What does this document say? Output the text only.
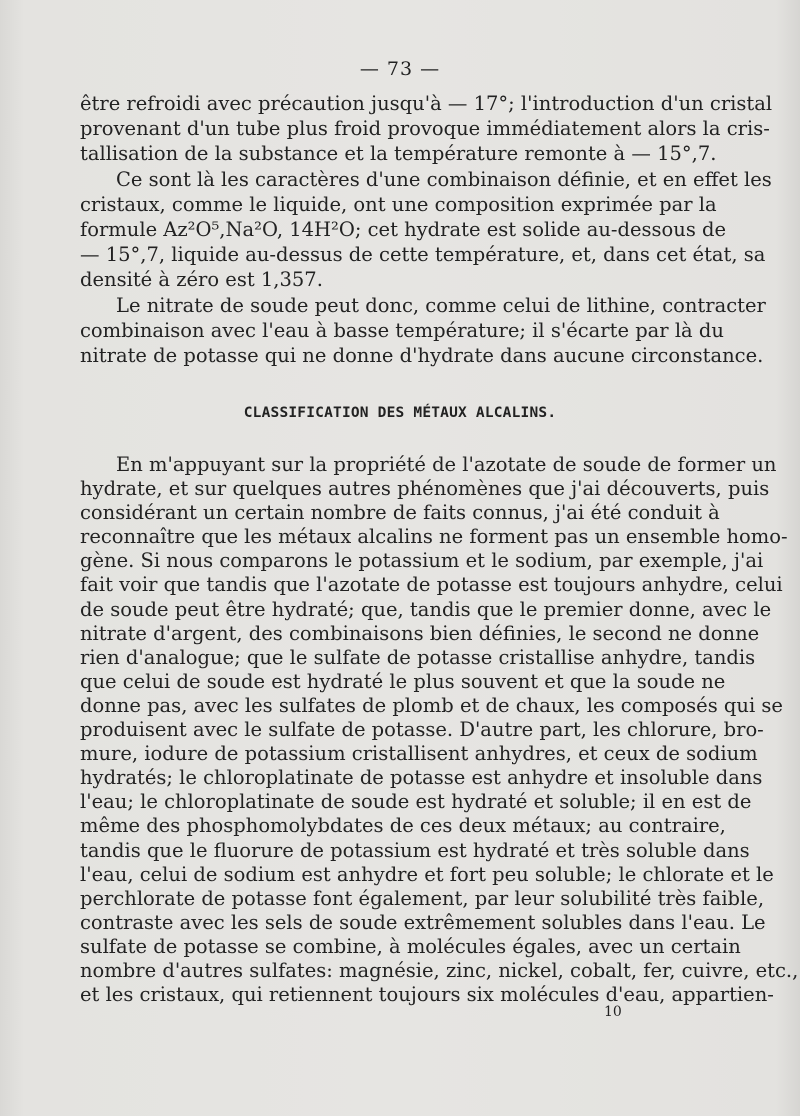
— 73 —
être refroidi avec précaution jusqu'à — 17°; l'introduction d'un cristal
provenant d'un tube plus froid provoque immédiatement alors la cris-
tallisation de la substance et la température remonte à — 15°,7.
Ce sont là les caractères d'une combinaison définie, et en effet les
cristaux, comme le liquide, ont une composition exprimée par la
formule Az²O⁵,Na²O, 14H²O; cet hydrate est solide au-dessous de
— 15°,7, liquide au-dessus de cette température, et, dans cet état, sa
densité à zéro est 1,357.
Le nitrate de soude peut donc, comme celui de lithine, contracter
combinaison avec l'eau à basse température; il s'écarte par là du
nitrate de potasse qui ne donne d'hydrate dans aucune circonstance.
CLASSIFICATION DES MÉTAUX ALCALINS.
En m'appuyant sur la propriété de l'azotate de soude de former un
hydrate, et sur quelques autres phénomènes que j'ai découverts, puis
considérant un certain nombre de faits connus, j'ai été conduit à
reconnaître que les métaux alcalins ne forment pas un ensemble homo-
gène. Si nous comparons le potassium et le sodium, par exemple, j'ai
fait voir que tandis que l'azotate de potasse est toujours anhydre, celui
de soude peut être hydraté; que, tandis que le premier donne, avec le
nitrate d'argent, des combinaisons bien définies, le second ne donne
rien d'analogue; que le sulfate de potasse cristallise anhydre, tandis
que celui de soude est hydraté le plus souvent et que la soude ne
donne pas, avec les sulfates de plomb et de chaux, les composés qui se
produisent avec le sulfate de potasse. D'autre part, les chlorure, bro-
mure, iodure de potassium cristallisent anhydres, et ceux de sodium
hydratés; le chloroplatinate de potasse est anhydre et insoluble dans
l'eau; le chloroplatinate de soude est hydraté et soluble; il en est de
même des phosphomolybdates de ces deux métaux; au contraire,
tandis que le fluorure de potassium est hydraté et très soluble dans
l'eau, celui de sodium est anhydre et fort peu soluble; le chlorate et le
perchlorate de potasse font également, par leur solubilité très faible,
contraste avec les sels de soude extrêmement solubles dans l'eau. Le
sulfate de potasse se combine, à molécules égales, avec un certain
nombre d'autres sulfates: magnésie, zinc, nickel, cobalt, fer, cuivre, etc.,
et les cristaux, qui retiennent toujours six molécules d'eau, appartien-
10
